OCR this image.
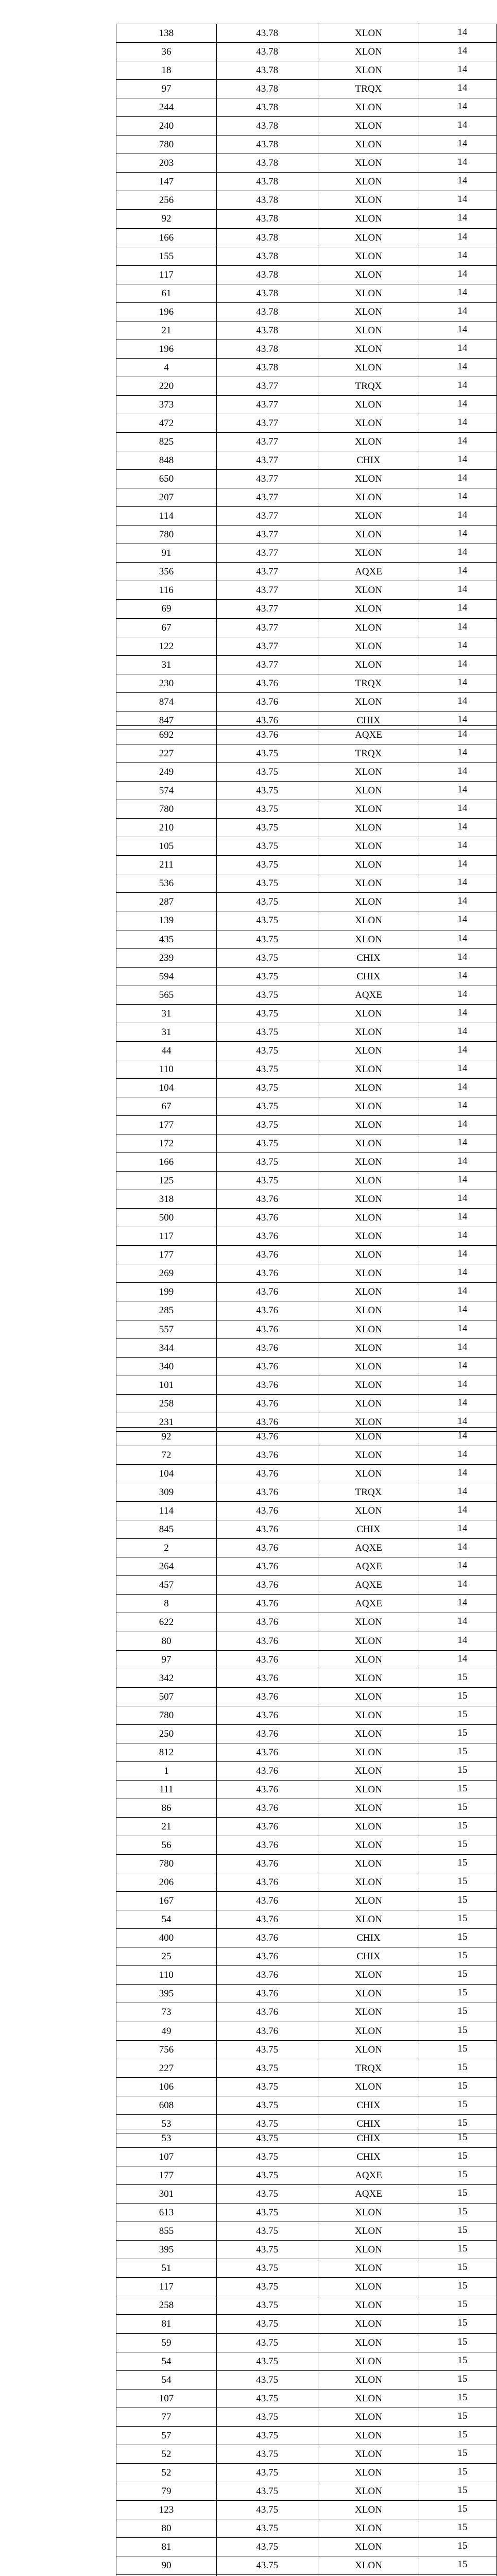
138	43.78	XLON	14
36	43.78	XLON	14
18	43.78	XLON	14
97	43.78	TRQX	14
244	43.78	XLON	14
240	43.78	XLON	14
780	43.78	XLON	14
203	43.78	XLON	14
147	43.78	XLON	14
256	43.78	XLON	14
92	43.78	XLON	14
166	43.78	XLON	14
155	43.78	XLON	14
117	43.78	XLON	14
61	43.78	XLON	14
196	43.78	XLON	14
21	43.78	XLON	14
196	43.78	XLON	14
4	43.78	XLON	14
220	43.77	TRQX	14
373	43.77	XLON	14
472	43.77	XLON	14
825	43.77	XLON	14
848	43.77	CHIX	14
650	43.77	XLON	14
207	43.77	XLON	14
114	43.77	XLON	14
780	43.77	XLON	14
91	43.77	XLON	14
356	43.77	AQXE	14
116	43.77	XLON	14
69	43.77	XLON	14
67	43.77	XLON	14
122	43.77	XLON	14
31	43.77	XLON	14
230	43.76	TRQX	14
874	43.76	XLON	14
847	43.76	CHIX	14
692	43.76	AQXE	14
227	43.75	TRQX	14
249	43.75	XLON	14
574	43.75	XLON	14
780	43.75	XLON	14
210	43.75	XLON	14
105	43.75	XLON	14
211	43.75	XLON	14
536	43.75	XLON	14
287	43.75	XLON	14
139	43.75	XLON	14
435	43.75	XLON	14
239	43.75	CHIX	14
594	43.75	CHIX	14
565	43.75	AQXE	14
31	43.75	XLON	14
31	43.75	XLON	14
44	43.75	XLON	14
110	43.75	XLON	14
104	43.75	XLON	14
67	43.75	XLON	14
177	43.75	XLON	14
172	43.75	XLON	14
166	43.75	XLON	14
125	43.75	XLON	14
318	43.76	XLON	14
500	43.76	XLON	14
117	43.76	XLON	14
177	43.76	XLON	14
269	43.76	XLON	14
199	43.76	XLON	14
285	43.76	XLON	14
557	43.76	XLON	14
344	43.76	XLON	14
340	43.76	XLON	14
101	43.76	XLON	14
258	43.76	XLON	14
231	43.76	XLON	14
92	43.76	XLON	14
72	43.76	XLON	14
104	43.76	XLON	14
309	43.76	TRQX	14
114	43.76	XLON	14
845	43.76	CHIX	14
2	43.76	AQXE	14
264	43.76	AQXE	14
457	43.76	AQXE	14
8	43.76	AQXE	14
622	43.76	XLON	14
80	43.76	XLON	14
97	43.76	XLON	14
342	43.76	XLON	15
507	43.76	XLON	15
780	43.76	XLON	15
250	43.76	XLON	15
812	43.76	XLON	15
1	43.76	XLON	15
111	43.76	XLON	15
86	43.76	XLON	15
21	43.76	XLON	15
56	43.76	XLON	15
780	43.76	XLON	15
206	43.76	XLON	15
167	43.76	XLON	15
54	43.76	XLON	15
400	43.76	CHIX	15
25	43.76	CHIX	15
110	43.76	XLON	15
395	43.76	XLON	15
73	43.76	XLON	15
49	43.76	XLON	15
756	43.75	XLON	15
227	43.75	TRQX	15
106	43.75	XLON	15
608	43.75	CHIX	15
53	43.75	CHIX	15
53	43.75	CHIX	15
107	43.75	CHIX	15
177	43.75	AQXE	15
301	43.75	AQXE	15
613	43.75	XLON	15
855	43.75	XLON	15
395	43.75	XLON	15
51	43.75	XLON	15
117	43.75	XLON	15
258	43.75	XLON	15
81	43.75	XLON	15
59	43.75	XLON	15
54	43.75	XLON	15
54	43.75	XLON	15
107	43.75	XLON	15
77	43.75	XLON	15
57	43.75	XLON	15
52	43.75	XLON	15
52	43.75	XLON	15
79	43.75	XLON	15
123	43.75	XLON	15
80	43.75	XLON	15
81	43.75	XLON	15
90	43.75	XLON	15
